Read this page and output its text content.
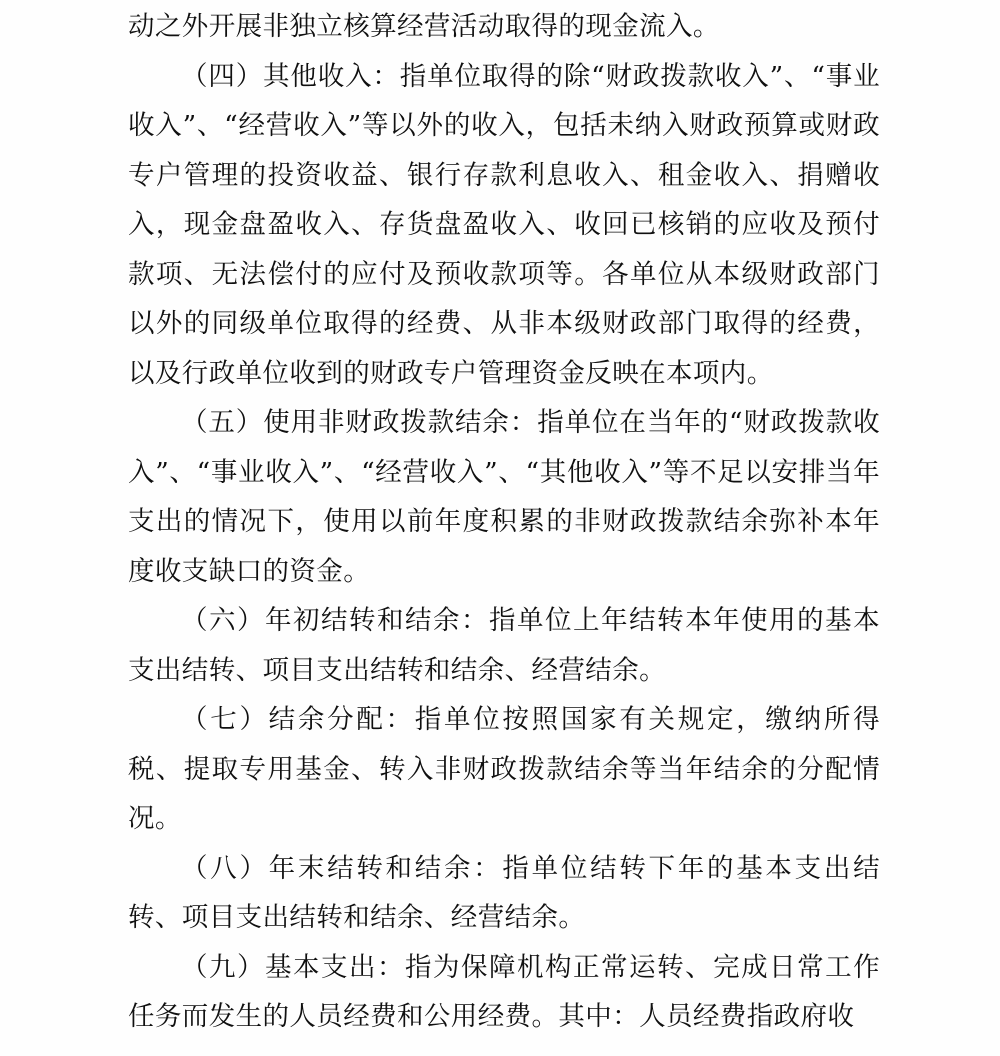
动之外开展非独立核算经营活动取得的现金流入。

（四）其他收入：指单位取得的除“财政拨款收入”、“事业收入”、“经营收入”等以外的收入，包括未纳入财政预算或财政专户管理的投资收益、银行存款利息收入、租金收入、捐赠收入，现金盘盈收入、存货盘盈收入、收回已核销的应收及预付款项、无法偿付的应付及预收款项等。各单位从本级财政部门以外的同级单位取得的经费、从非本级财政部门取得的经费，以及行政单位收到的财政专户管理资金反映在本项内。

（五）使用非财政拨款结余：指单位在当年的“财政拨款收入”、“事业收入”、“经营收入”、“其他收入”等不足以安排当年支出的情况下，使用以前年度积累的非财政拨款结余弥补本年度收支缺口的资金。

（六）年初结转和结余：指单位上年结转本年使用的基本支出结转、项目支出结转和结余、经营结余。

（七）结余分配：指单位按照国家有关规定，缴纳所得税、提取专用基金、转入非财政拨款结余等当年结余的分配情况。

（八）年末结转和结余：指单位结转下年的基本支出结转、项目支出结转和结余、经营结余。

（九）基本支出：指为保障机构正常运转、完成日常工作任务而发生的人员经费和公用经费。其中：人员经费指政府收
